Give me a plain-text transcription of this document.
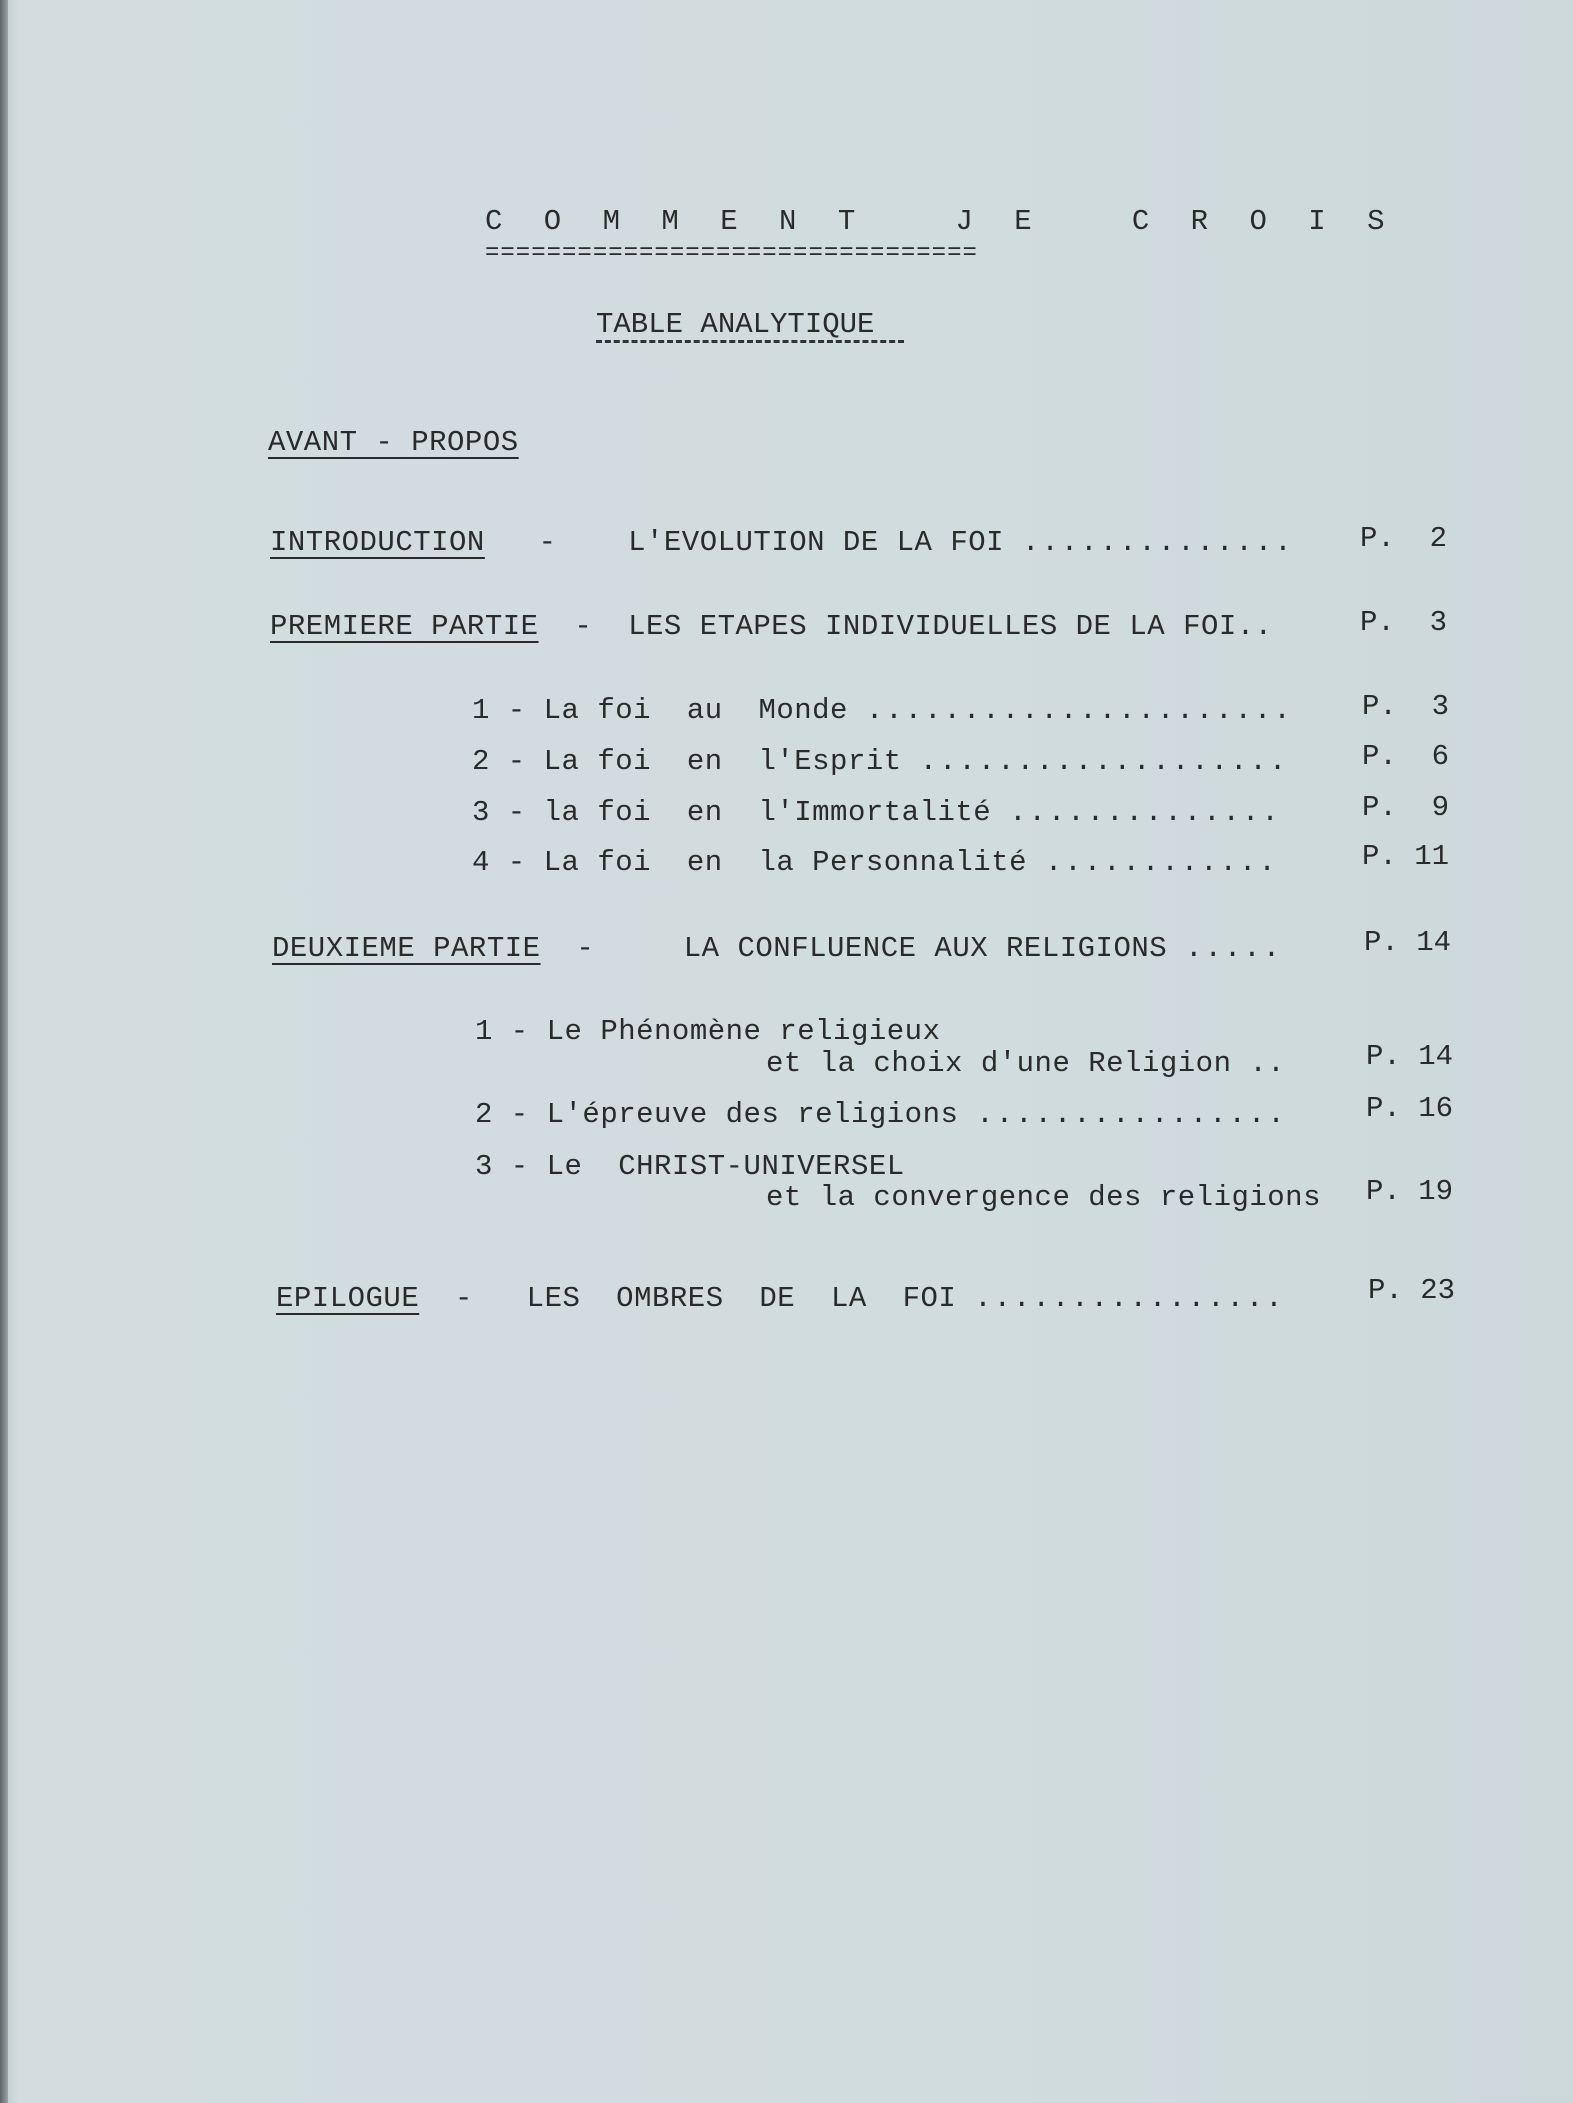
C O M M E N T   J E   C R O I S
================================
TABLE ANALYTIQUE
AVANT - PROPOS
INTRODUCTION - L'EVOLUTION DE LA FOI .............. P.  2
PREMIERE PARTIE - LES ETAPES INDIVIDUELLES DE LA FOI..	P.  3
1 - La foi  au  Monde ...................... P.  3
2 - La foi  en  l'Esprit ...................	P.  6
3 - la foi  en  l'Immortalité ..............	P.  9
4 - La foi  en  la Personnalité ............	P. 11
DEUXIEME PARTIE -	LA CONFLUENCE AUX RELIGIONS .....	P. 14
1 - Le Phénomène religieux
et la choix d'une Religion ..	P. 14
2 - L'épreuve des religions ................	P. 16
3 - Le  CHRIST-UNIVERSEL
et la convergence des religions P. 19
EPILOGUE - LES  OMBRES  DE  LA  FOI ................	P. 23
